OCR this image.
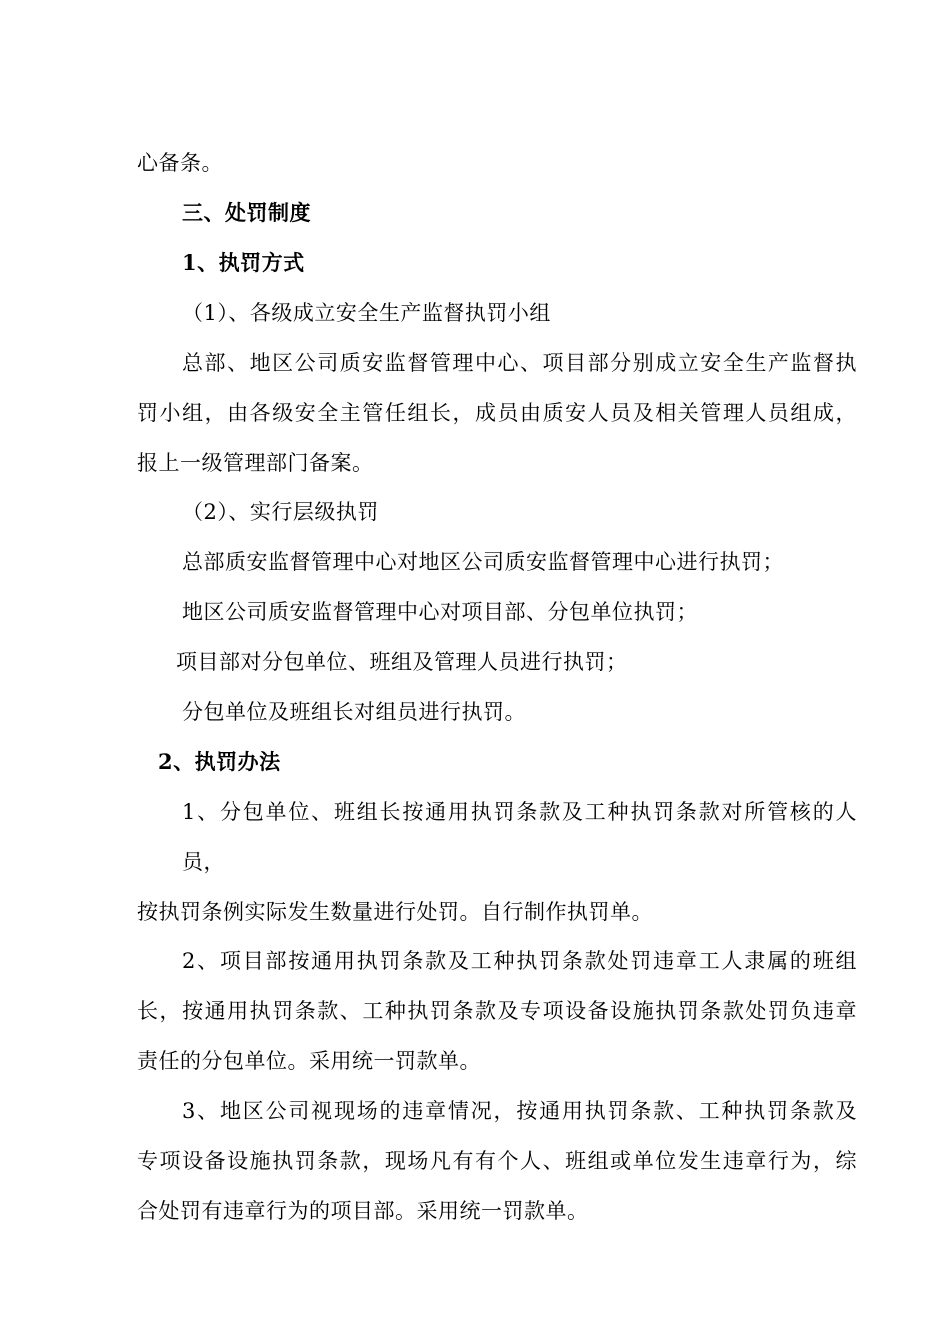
心备条。
三、处罚制度
1、执罚方式
（1）、各级成立安全生产监督执罚小组
总部、地区公司质安监督管理中心、项目部分别成立安全生产监督执
罚小组，由各级安全主管任组长，成员由质安人员及相关管理人员组成，
报上一级管理部门备案。
（2）、实行层级执罚
总部质安监督管理中心对地区公司质安监督管理中心进行执罚；
地区公司质安监督管理中心对项目部、分包单位执罚；
项目部对分包单位、班组及管理人员进行执罚；
分包单位及班组长对组员进行执罚。
2、执罚办法
1、分包单位、班组长按通用执罚条款及工种执罚条款对所管核的人
员，
按执罚条例实际发生数量进行处罚。自行制作执罚单。
2、项目部按通用执罚条款及工种执罚条款处罚违章工人隶属的班组
长，按通用执罚条款、工种执罚条款及专项设备设施执罚条款处罚负违章
责任的分包单位。采用统一罚款单。
3、地区公司视现场的违章情况，按通用执罚条款、工种执罚条款及
专项设备设施执罚条款，现场凡有有个人、班组或单位发生违章行为，综
合处罚有违章行为的项目部。采用统一罚款单。
